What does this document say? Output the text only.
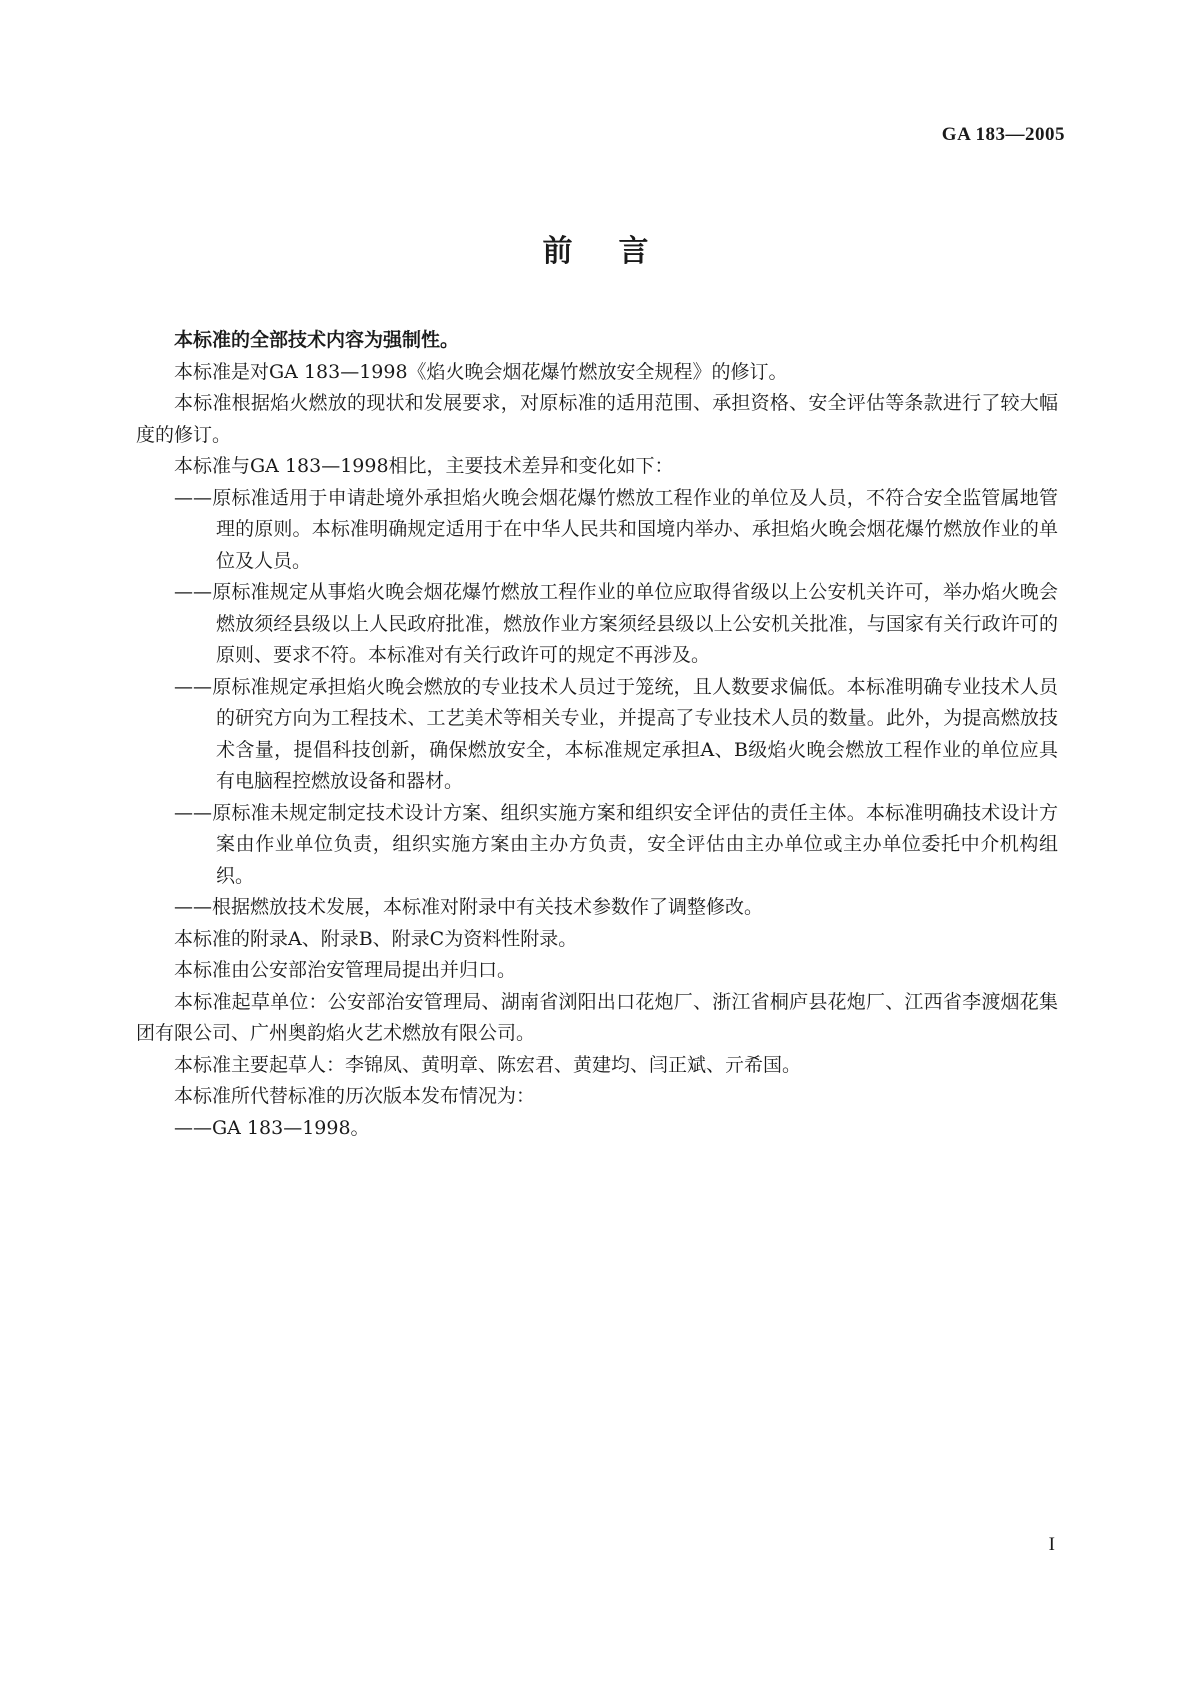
GA 183—2005
前言

本标准的全部技术内容为强制性。

本标准是对GA 183—1998《焰火晚会烟花爆竹燃放安全规程》的修订。

本标准根据焰火燃放的现状和发展要求，对原标准的适用范围、承担资格、安全评估等条款进行了较大幅度的修订。

本标准与GA 183—1998相比，主要技术差异和变化如下：

——原标准适用于申请赴境外承担焰火晚会烟花爆竹燃放工程作业的单位及人员，不符合安全监管属地管理的原则。本标准明确规定适用于在中华人民共和国境内举办、承担焰火晚会烟花爆竹燃放作业的单位及人员。

——原标准规定从事焰火晚会烟花爆竹燃放工程作业的单位应取得省级以上公安机关许可，举办焰火晚会燃放须经县级以上人民政府批准，燃放作业方案须经县级以上公安机关批准，与国家有关行政许可的原则、要求不符。本标准对有关行政许可的规定不再涉及。

——原标准规定承担焰火晚会燃放的专业技术人员过于笼统，且人数要求偏低。本标准明确专业技术人员的研究方向为工程技术、工艺美术等相关专业，并提高了专业技术人员的数量。此外，为提高燃放技术含量，提倡科技创新，确保燃放安全，本标准规定承担A、B级焰火晚会燃放工程作业的单位应具有电脑程控燃放设备和器材。

——原标准未规定制定技术设计方案、组织实施方案和组织安全评估的责任主体。本标准明确技术设计方案由作业单位负责，组织实施方案由主办方负责，安全评估由主办单位或主办单位委托中介机构组织。

——根据燃放技术发展，本标准对附录中有关技术参数作了调整修改。

本标准的附录A、附录B、附录C为资料性附录。

本标准由公安部治安管理局提出并归口。

本标准起草单位：公安部治安管理局、湖南省浏阳出口花炮厂、浙江省桐庐县花炮厂、江西省李渡烟花集团有限公司、广州奥韵焰火艺术燃放有限公司。

本标准主要起草人：李锦凤、黄明章、陈宏君、黄建均、闫正斌、亓希国。

本标准所代替标准的历次版本发布情况为：

——GA 183—1998。

I
